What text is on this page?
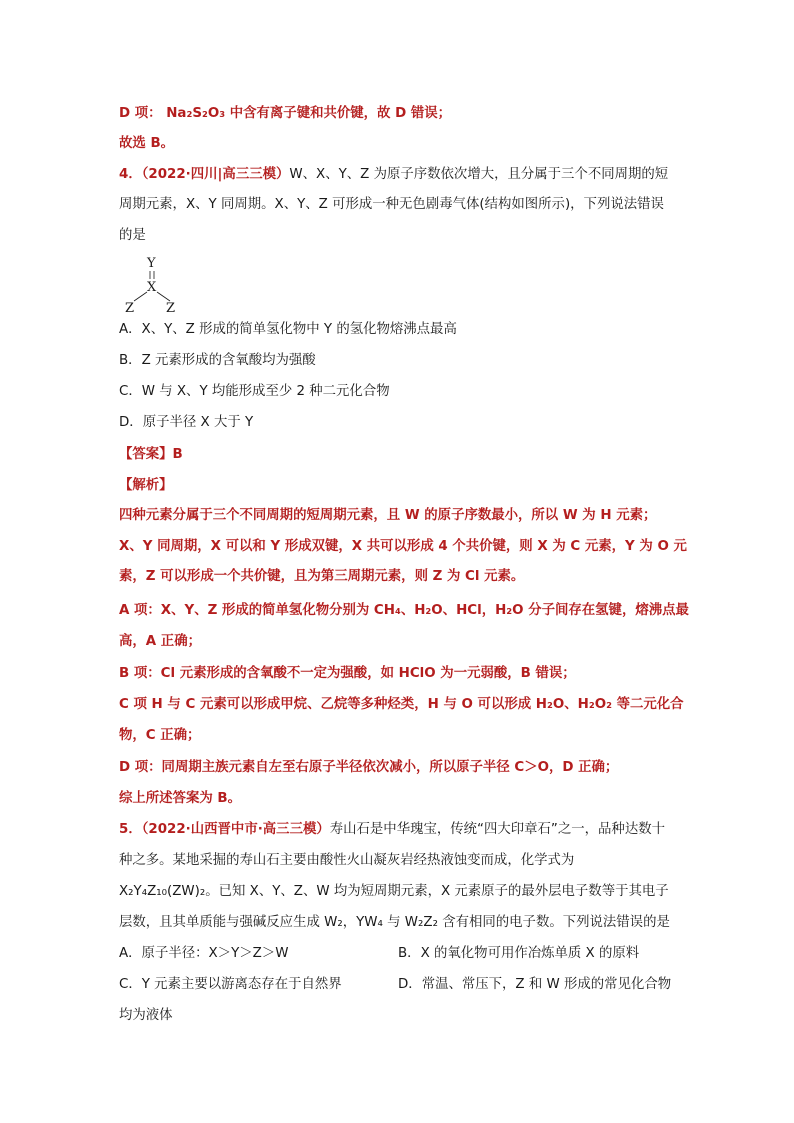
D 项： Na₂S₂O₃ 中含有离子键和共价键，故 D 错误；

故选 B。

4．（2022·四川|高三三模）W、X、Y、Z 为原子序数依次增大，且分属于三个不同周期的短

周期元素，X、Y 同周期。X、Y、Z 可形成一种无色剧毒气体(结构如图所示)，下列说法错误

的是

Y
X
Z Z

A．X、Y、Z 形成的简单氢化物中 Y 的氢化物熔沸点最高

B．Z 元素形成的含氧酸均为强酸

C．W 与 X、Y 均能形成至少 2 种二元化合物

D．原子半径 X 大于 Y

【答案】B

【解析】

四种元素分属于三个不同周期的短周期元素，且 W 的原子序数最小，所以 W 为 H 元素；

X、Y 同周期，X 可以和 Y 形成双键，X 共可以形成 4 个共价键，则 X 为 C 元素，Y 为 O 元

素，Z 可以形成一个共价键，且为第三周期元素，则 Z 为 Cl 元素。

A 项：X、Y、Z 形成的简单氢化物分别为 CH₄、H₂O、HCl，H₂O 分子间存在氢键，熔沸点最

高，A 正确；

B 项：Cl 元素形成的含氧酸不一定为强酸，如 HClO 为一元弱酸，B 错误；

C 项 H 与 C 元素可以形成甲烷、乙烷等多种烃类，H 与 O 可以形成 H₂O、H₂O₂ 等二元化合

物，C 正确；

D 项：同周期主族元素自左至右原子半径依次减小，所以原子半径 C＞O，D 正确；

综上所述答案为 B。

5．（2022·山西晋中市·高三三模）寿山石是中华瑰宝，传统“四大印章石”之一，品种达数十

种之多。某地采掘的寿山石主要由酸性火山凝灰岩经热液蚀变而成，化学式为

X₂Y₄Z₁₀(ZW)₂。已知 X、Y、Z、W 均为短周期元素，X 元素原子的最外层电子数等于其电子

层数，且其单质能与强碱反应生成 W₂，YW₄ 与 W₂Z₂ 含有相同的电子数。下列说法错误的是

A．原子半径：X＞Y＞Z＞W	B．X 的氧化物可用作冶炼单质 X 的原料

C．Y 元素主要以游离态存在于自然界	D．常温、常压下，Z 和 W 形成的常见化合物

均为液体
